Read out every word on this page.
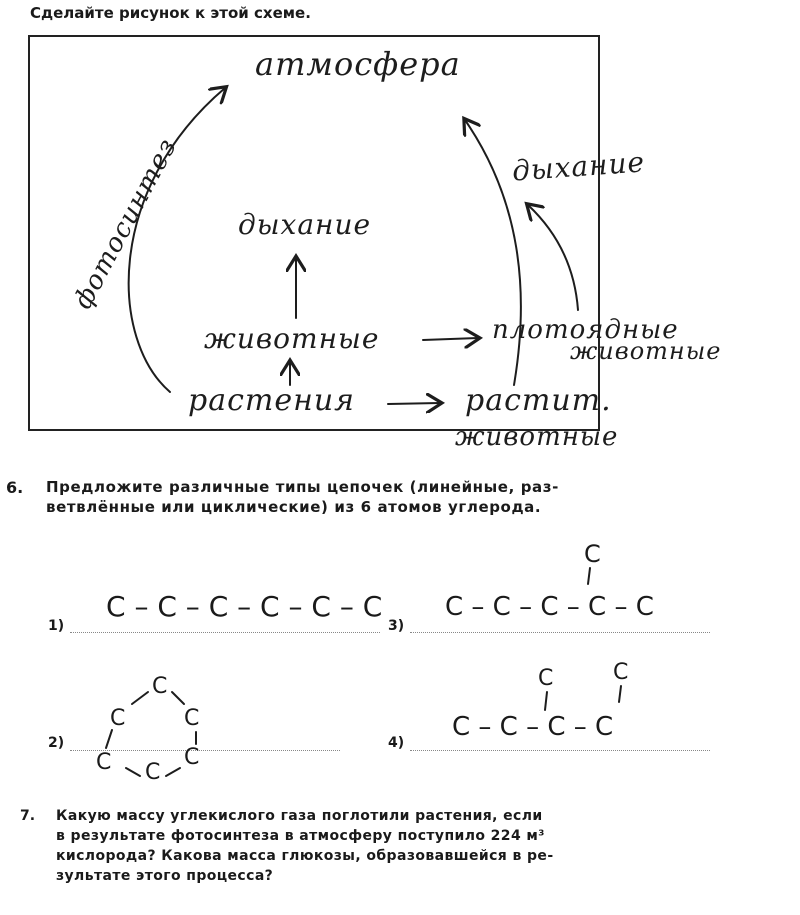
Сделайте рисунок к этой схеме.
атмосфера
фотосинтез дыхание
дыхание
животные
растения
плотоядные
животные
растит.
животные
6. Предложите различные типы цепочек (линейные, раз-
ветвлённые или циклические) из 6 атомов углерода.
1)
C – C – C – C – C – C
3)
C – C – C – C – C
C
2)
C
C	C
C	C
C
4)
C – C – C – C
C	C
7. Какую массу углекислого газа поглотили растения, если
в результате фотосинтеза в атмосферу поступило 224 м³
кислорода? Какова масса глюкозы, образовавшейся в ре-
зультате этого процесса?
